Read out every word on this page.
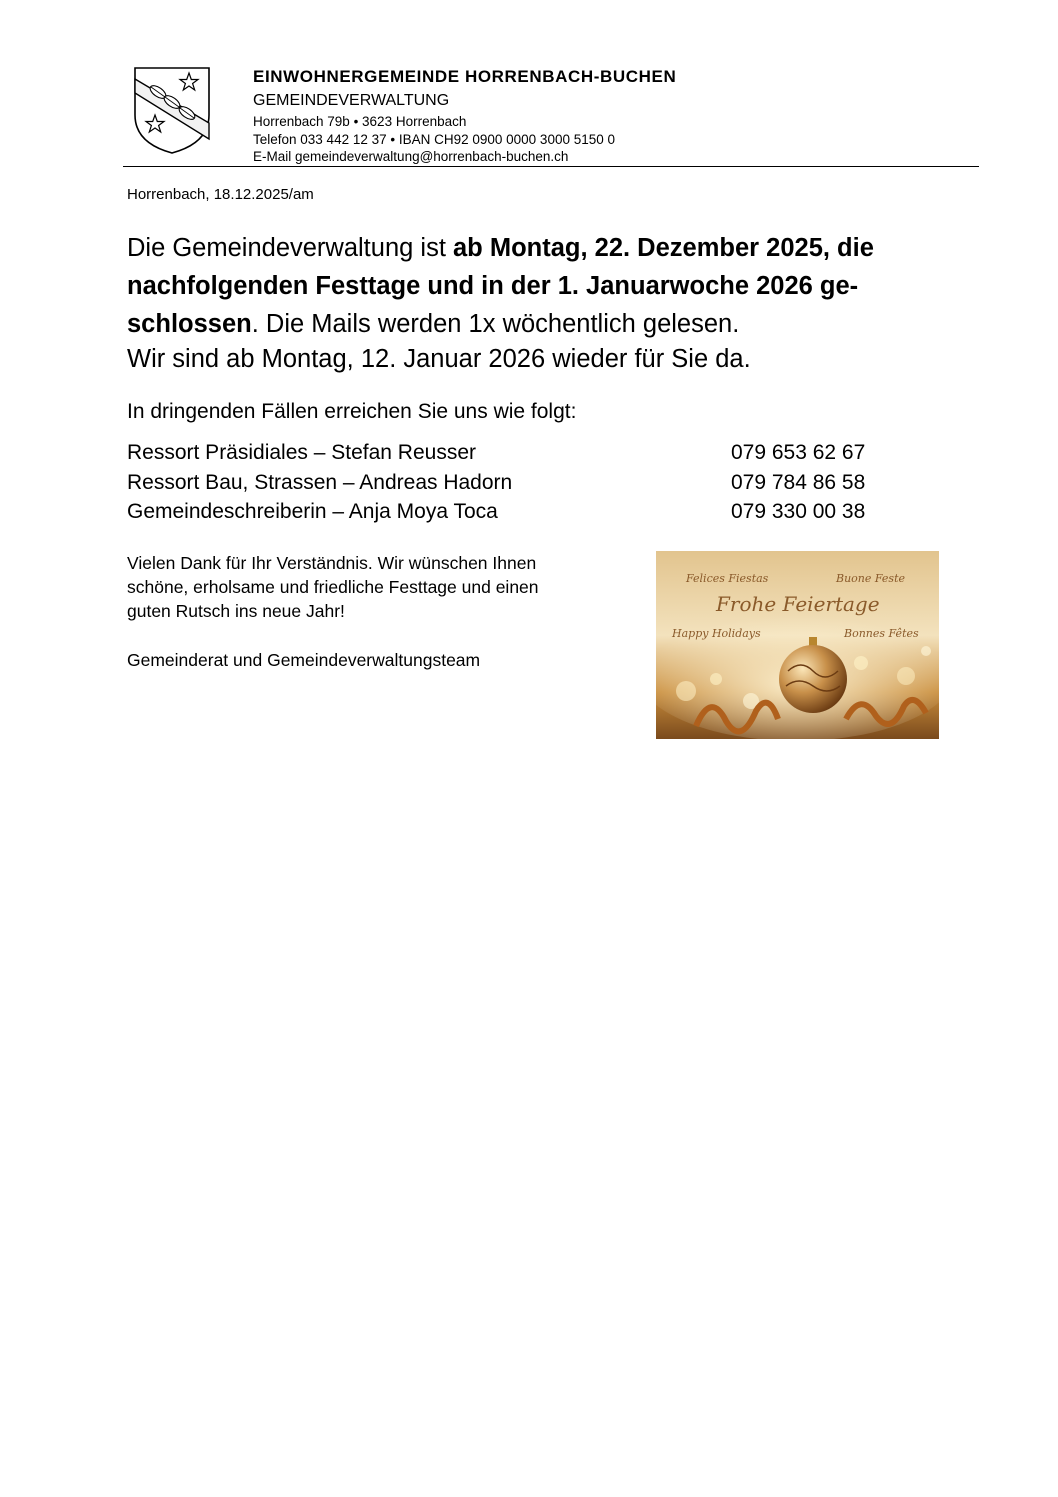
EINWOHNERGEMEINDE HORRENBACH-BUCHEN
GEMEINDEVERWALTUNG
Horrenbach 79b • 3623 Horrenbach
Telefon 033 442 12 37 • IBAN CH92 0900 0000 3000 5150 0
E-Mail gemeindeverwaltung@horrenbach-buchen.ch
Horrenbach, 18.12.2025/am
Die Gemeindeverwaltung ist ab Montag, 22. Dezember 2025, die
nachfolgenden Festtage und in der 1. Januarwoche 2026 ge-
schlossen. Die Mails werden 1x wöchentlich gelesen.
Wir sind ab Montag, 12. Januar 2026 wieder für Sie da.
In dringenden Fällen erreichen Sie uns wie folgt:
Ressort Präsidiales – Stefan Reusser	079 653 62 67
Ressort Bau, Strassen – Andreas Hadorn	079 784 86 58
Gemeindeschreiberin – Anja Moya Toca	079 330 00 38
Vielen Dank für Ihr Verständnis. Wir wünschen Ihnen
schöne, erholsame und friedliche Festtage und einen
guten Rutsch ins neue Jahr!
Gemeinderat und Gemeindeverwaltungsteam
Felices Fiestas	Buone Feste
Frohe Feiertage
Happy Holidays	Bonnes Fêtes
